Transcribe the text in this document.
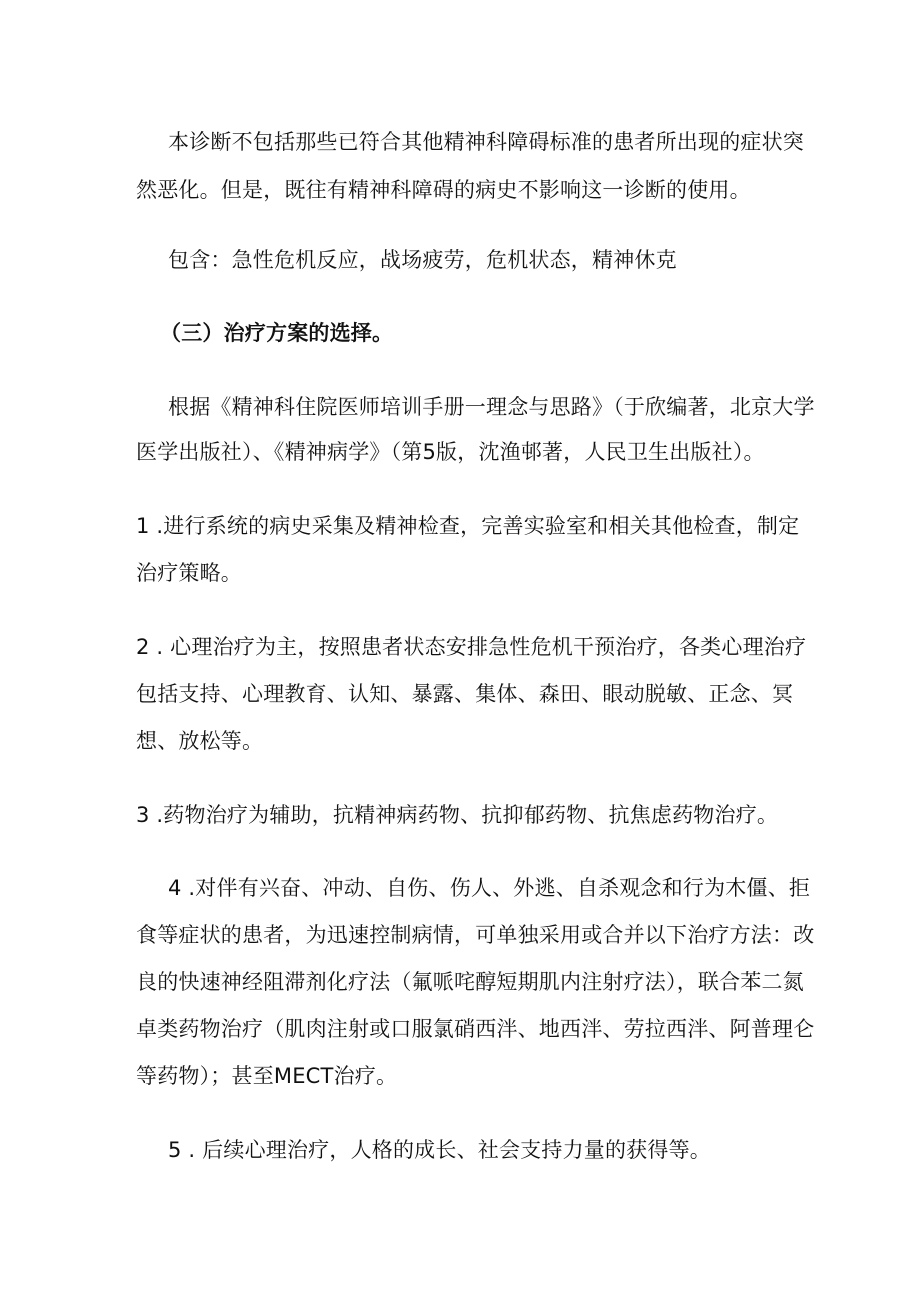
本诊断不包括那些已符合其他精神科障碍标准的患者所出现的症状突
然恶化。但是，既往有精神科障碍的病史不影响这一诊断的使用。
包含：急性危机反应，战场疲劳，危机状态，精神休克
（三）治疗方案的选择。
根据《精神科住院医师培训手册一理念与思路》（于欣编著，北京大学
医学出版社）、《精神病学》（第5版，沈渔邨著，人民卫生出版社）。
1 .进行系统的病史采集及精神检查，完善实验室和相关其他检查，制定
治疗策略。
2 . 心理治疗为主，按照患者状态安排急性危机干预治疗，各类心理治疗
包括支持、心理教育、认知、暴露、集体、森田、眼动脱敏、正念、冥
想、放松等。
3 .药物治疗为辅助，抗精神病药物、抗抑郁药物、抗焦虑药物治疗。
4 .对伴有兴奋、冲动、自伤、伤人、外逃、自杀观念和行为木僵、拒
食等症状的患者，为迅速控制病情，可单独采用或合并以下治疗方法：改
良的快速神经阻滞剂化疗法（氟哌咤醇短期肌内注射疗法），联合苯二氮
卓类药物治疗（肌肉注射或口服氯硝西泮、地西泮、劳拉西泮、阿普理仑
等药物）；甚至MECT治疗。
5 . 后续心理治疗，人格的成长、社会支持力量的获得等。
